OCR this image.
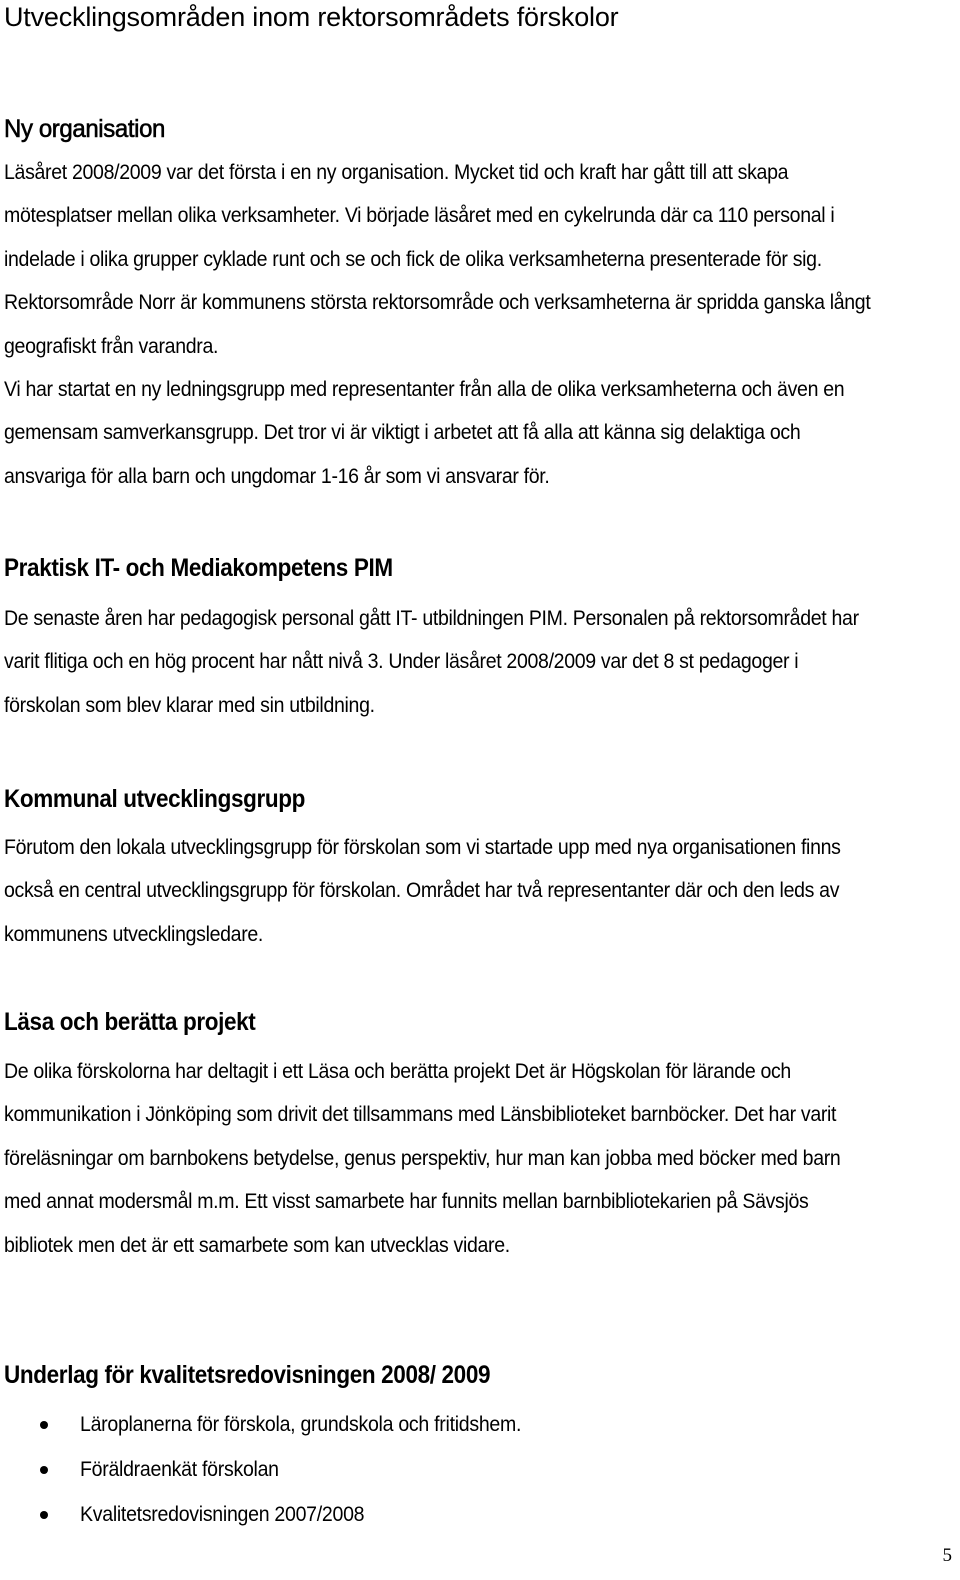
Utvecklingsområden inom rektorsområdets förskolor
Ny organisation

Läsåret 2008/2009 var det första i en ny organisation. Mycket tid och kraft har gått till att skapa
mötesplatser mellan olika verksamheter. Vi började läsåret med en cykelrunda där ca 110 personal i
indelade i olika grupper cyklade runt och se och fick de olika verksamheterna presenterade för sig.
Rektorsområde Norr är kommunens största rektorsområde och verksamheterna är spridda ganska långt
geografiskt från varandra.
Vi har startat en ny ledningsgrupp med representanter från alla de olika verksamheterna och även en
gemensam samverkansgrupp. Det tror vi är viktigt i arbetet att få alla att känna sig delaktiga och
ansvariga för alla barn och ungdomar 1-16 år som vi ansvarar för.

Praktisk IT- och Mediakompetens PIM

De senaste åren har pedagogisk personal gått IT- utbildningen PIM. Personalen på rektorsområdet har
varit flitiga och en hög procent har nått nivå 3. Under läsåret 2008/2009 var det 8 st pedagoger i
förskolan som blev klarar med sin utbildning.

Kommunal utvecklingsgrupp

Förutom den lokala utvecklingsgrupp för förskolan som vi startade upp med nya organisationen finns
också en central utvecklingsgrupp för förskolan. Området har två representanter där och den leds av
kommunens utvecklingsledare.

Läsa och berätta projekt

De olika förskolorna har deltagit i ett Läsa och berätta projekt Det är Högskolan för lärande och
kommunikation i Jönköping som drivit det tillsammans med Länsbiblioteket barnböcker. Det har varit
föreläsningar om barnbokens betydelse, genus perspektiv, hur man kan jobba med böcker med barn
med annat modersmål m.m. Ett visst samarbete har funnits mellan barnbibliotekarien på Sävsjös
bibliotek men det är ett samarbete som kan utvecklas vidare.

Underlag för kvalitetsredovisningen 2008/ 2009
Läroplanerna för förskola, grundskola och fritidshem.
Föräldraenkät förskolan
Kvalitetsredovisningen 2007/2008
5
